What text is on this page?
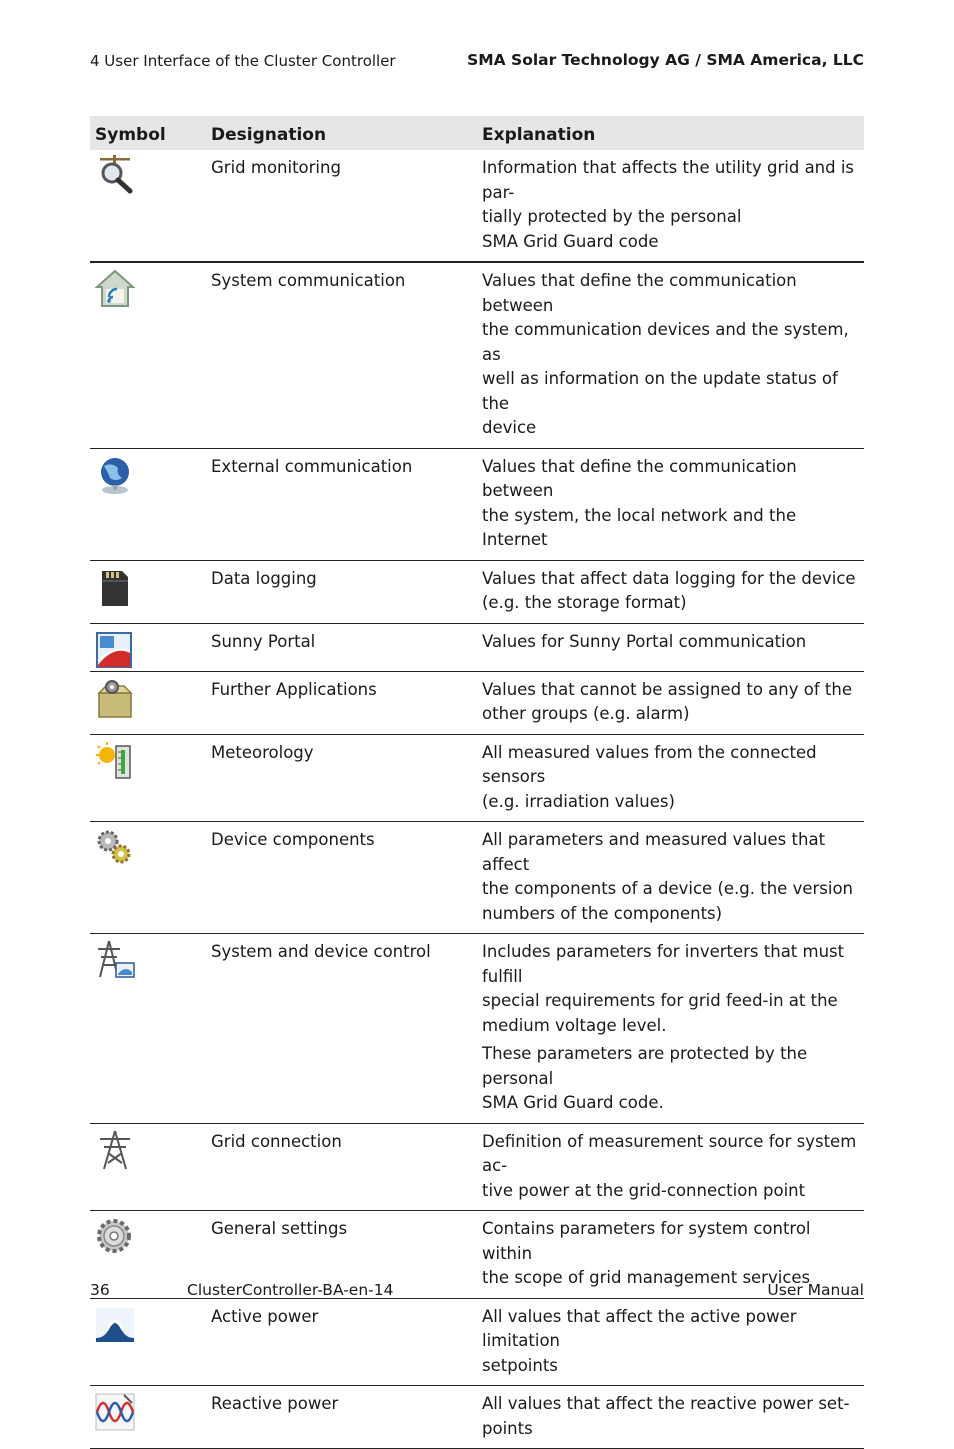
4 User Interface of the Cluster Controller	SMA Solar Technology AG / SMA America, LLC
Symbol	Designation	Explanation

	Grid monitoring	Information that affects the utility grid and is par-
tially protected by the personal
SMA Grid Guard code

	System communication	Values that define the communication between
the communication devices and the system, as
well as information on the update status of the
device

	External communication	Values that define the communication between
the system, the local network and the Internet

	Data logging	Values that affect data logging for the device
(e.g. the storage format)

	Sunny Portal	Values for Sunny Portal communication

	Further Applications	Values that cannot be assigned to any of the
other groups (e.g. alarm)

	Meteorology	All measured values from the connected sensors
(e.g. irradiation values)

	Device components	All parameters and measured values that affect
the components of a device (e.g. the version
numbers of the components)

	System and device control	Includes parameters for inverters that must fulfill
special requirements for grid feed-in at the
medium voltage level.

These parameters are protected by the personal
SMA Grid Guard code.

	Grid connection	Definition of measurement source for system ac-
tive power at the grid-connection point

	General settings	Contains parameters for system control within
the scope of grid management services

	Active power	All values that affect the active power limitation
setpoints

	Reactive power	All values that affect the reactive power set-
points

36	ClusterController-BA-en-14	User Manual
